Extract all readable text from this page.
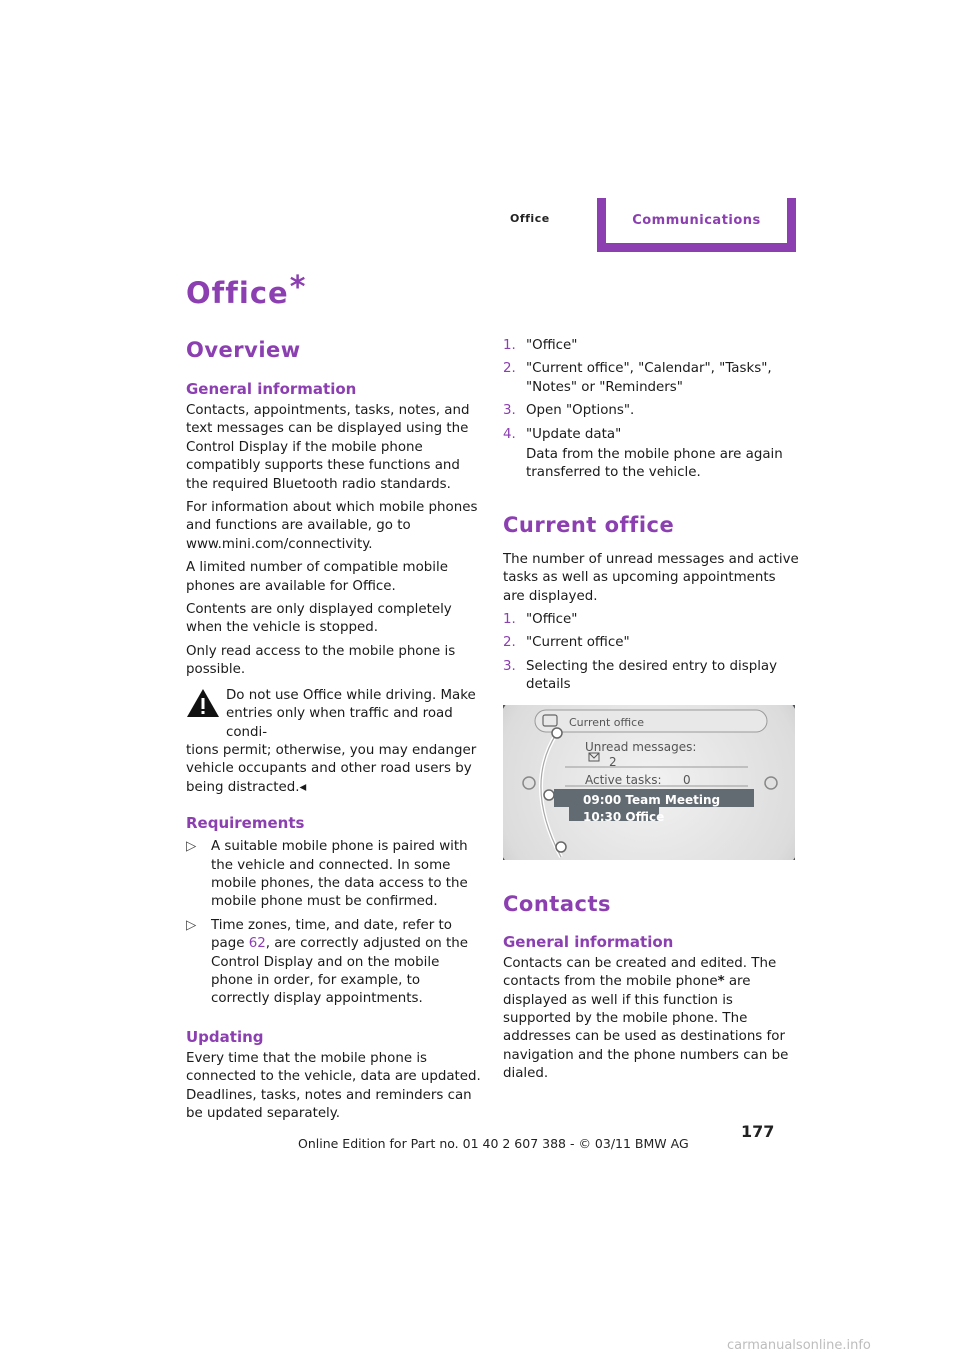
Office	Communications
Office*
Overview
General information

Contacts, appointments, tasks, notes, and text messages can be displayed using the Control Display if the mobile phone compatibly supports these functions and the required Bluetooth radio standards.

For information about which mobile phones and functions are available, go to www.mini.com/connectivity.

A limited number of compatible mobile phones are available for Office.

Contents are only displayed completely when the vehicle is stopped.

Only read access to the mobile phone is possible.

Do not use Office while driving. Make
entries only when traffic and road condi-
tions permit; otherwise, you may endanger vehicle occupants and other road users by being distracted.◂
Requirements
▷ A suitable mobile phone is paired with the vehicle and connected. In some mobile phones, the data access to the mobile phone must be confirmed.
▷ Time zones, time, and date, refer to page 62, are correctly adjusted on the Control Display and on the mobile phone in order, for example, to correctly display appointments.
Updating

Every time that the mobile phone is connected to the vehicle, data are updated. Deadlines, tasks, notes and reminders can be updated separately.

1. "Office"
2. "Current office", "Calendar", "Tasks", "Notes" or "Reminders"
3. Open "Options".
4. "Update data"

Data from the mobile phone are again transferred to the vehicle.

Current office

The number of unread messages and active tasks as well as upcoming appointments are displayed.

1. "Office"
2. "Current office"
3. Selecting the desired entry to display details
Current office
Unread messages:
2
Active tasks: 0
09:00 Team Meeting
10:30 Office
Contacts
General information

Contacts can be created and edited. The contacts from the mobile phone* are displayed as well if this function is supported by the mobile phone. The addresses can be used as destinations for navigation and the phone numbers can be dialed.

177
Online Edition for Part no. 01 40 2 607 388 - © 03/11 BMW AG
carmanualsonline.info
